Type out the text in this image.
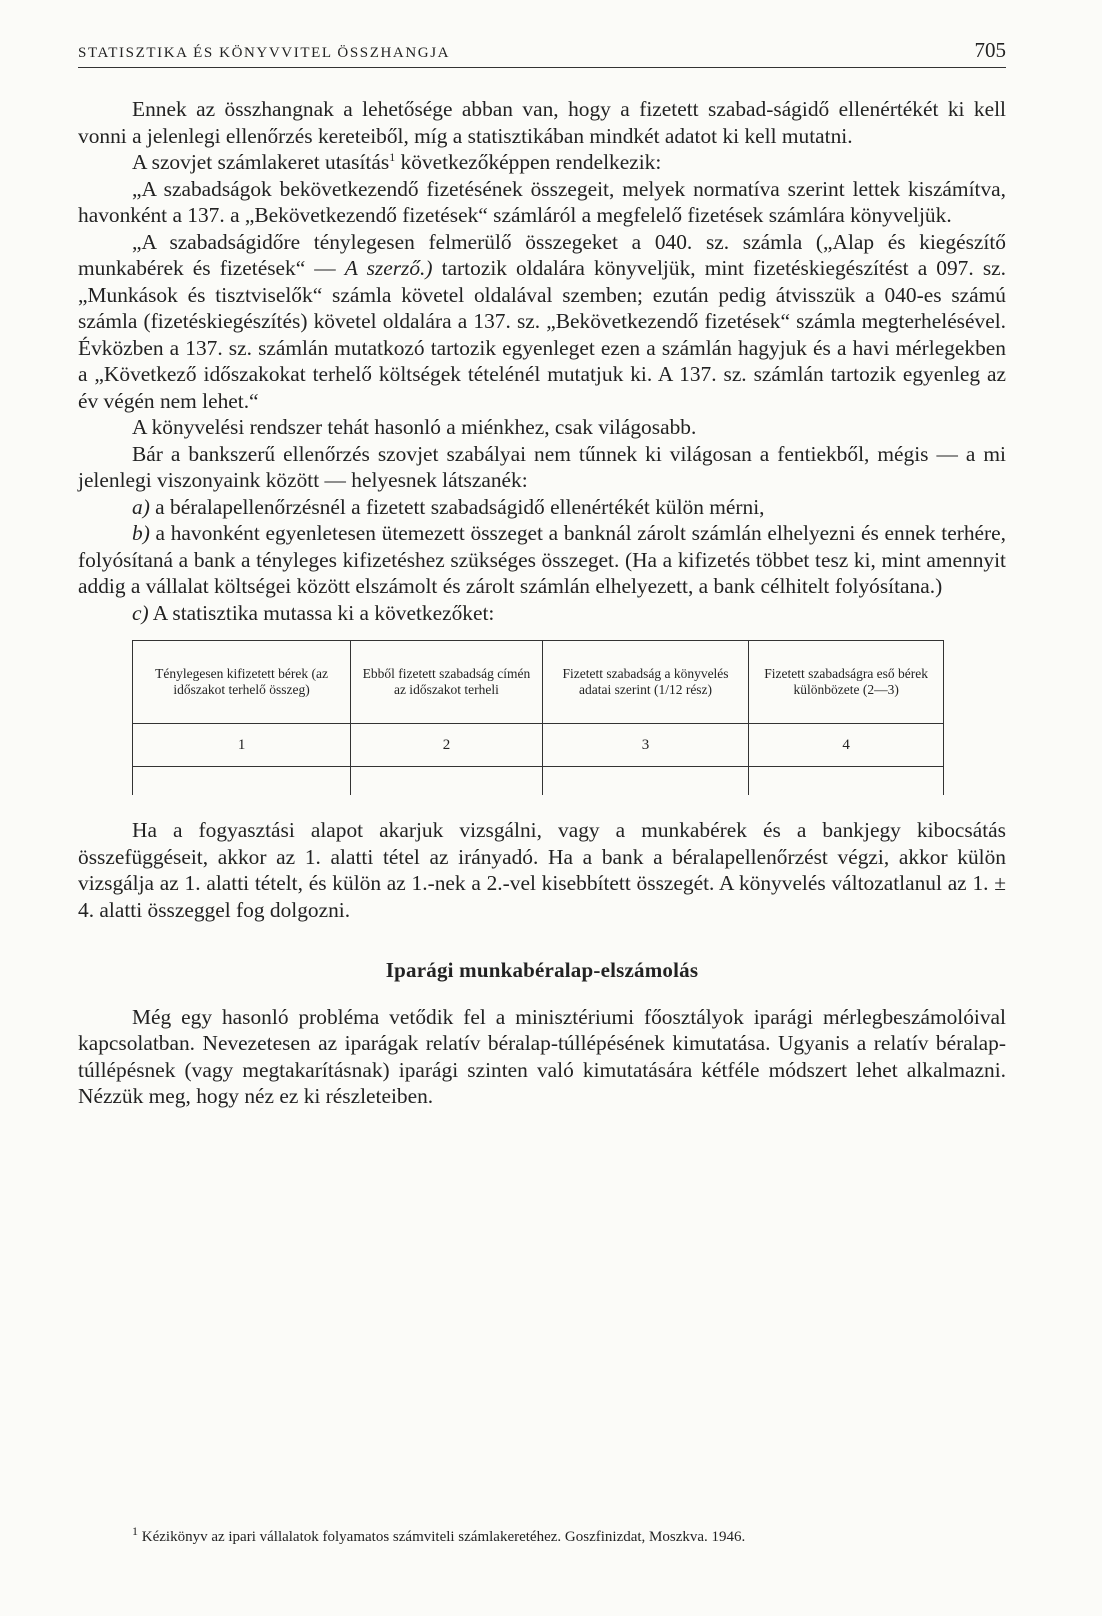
STATISZTIKA ÉS KÖNYVVITEL ÖSSZHANGJA	705

Ennek az összhangnak a lehetősége abban van, hogy a fizetett szabad-ságidő ellenértékét ki kell vonni a jelenlegi ellenőrzés kereteiből, míg a statisztikában mindkét adatot ki kell mutatni.

A szovjet számlakeret utasítás$^1$ következőképpen rendelkezik:

„A szabadságok bekövetkezendő fizetésének összegeit, melyek normatíva szerint lettek kiszámítva, havonként a 137. a „Bekövetkezendő fizetések“ számláról a megfelelő fizetések számlára könyveljük.

„A szabadságidőre ténylegesen felmerülő összegeket a 040. sz. számla („Alap és kiegészítő munkabérek és fizetések“ — A szerző.) tartozik oldalára könyveljük, mint fizetéskiegészítést a 097. sz. „Munkások és tisztviselők“ számla követel oldalával szemben; ezután pedig átvisszük a 040-es számú számla (fizetéskiegészítés) követel oldalára a 137. sz. „Bekövetkezendő fizetések“ számla megterhelésével. Évközben a 137. sz. számlán mutatkozó tartozik egyenleget ezen a számlán hagyjuk és a havi mérlegekben a „Következő időszakokat terhelő költségek tételénél mutatjuk ki. A 137. sz. számlán tartozik egyenleg az év végén nem lehet.“

A könyvelési rendszer tehát hasonló a miénkhez, csak világosabb.

Bár a bankszerű ellenőrzés szovjet szabályai nem tűnnek ki világosan a fentiekből, mégis — a mi jelenlegi viszonyaink között — helyesnek látszanék:

a) a béralapellenőrzésnél a fizetett szabadságidő ellenértékét külön mérni,

b) a havonként egyenletesen ütemezett összeget a banknál zárolt számlán elhelyezni és ennek terhére, folyósítaná a bank a tényleges kifizetéshez szükséges összeget. (Ha a kifizetés többet tesz ki, mint amennyit addig a vállalat költségei között elszámolt és zárolt számlán elhelyezett, a bank célhitelt folyósítana.)

c) A statisztika mutassa ki a következőket:

Ténylegesen kifizetett bérek (az időszakot terhelő összeg)	Ebből fizetett szabadság címén az időszakot terheli	Fizetett szabadság a könyvelés adatai szerint (1/12 rész)	Fizetett szabadságra eső bérek különbözete (2—3)
1	2	3	4

Ha a fogyasztási alapot akarjuk vizsgálni, vagy a munkabérek és a bankjegy kibocsátás összefüggéseit, akkor az 1. alatti tétel az irányadó. Ha a bank a béralapellenőrzést végzi, akkor külön vizsgálja az 1. alatti tételt, és külön az 1.-nek a 2.-vel kisebbített összegét. A könyvelés változatlanul az 1. ± 4. alatti összeggel fog dolgozni.

Iparági munkabéralap-elszámolás

Még egy hasonló probléma vetődik fel a minisztériumi főosztályok iparági mérlegbeszámolóival kapcsolatban. Nevezetesen az iparágak relatív béralap-túllépésének kimutatása. Ugyanis a relatív béralap-túllépésnek (vagy megtakarításnak) iparági szinten való kimutatására kétféle módszert lehet alkalmazni. Nézzük meg, hogy néz ez ki részleteiben.

$^1$ Kézikönyv az ipari vállalatok folyamatos számviteli számlakeretéhez. Goszfinizdat, Moszkva. 1946.
